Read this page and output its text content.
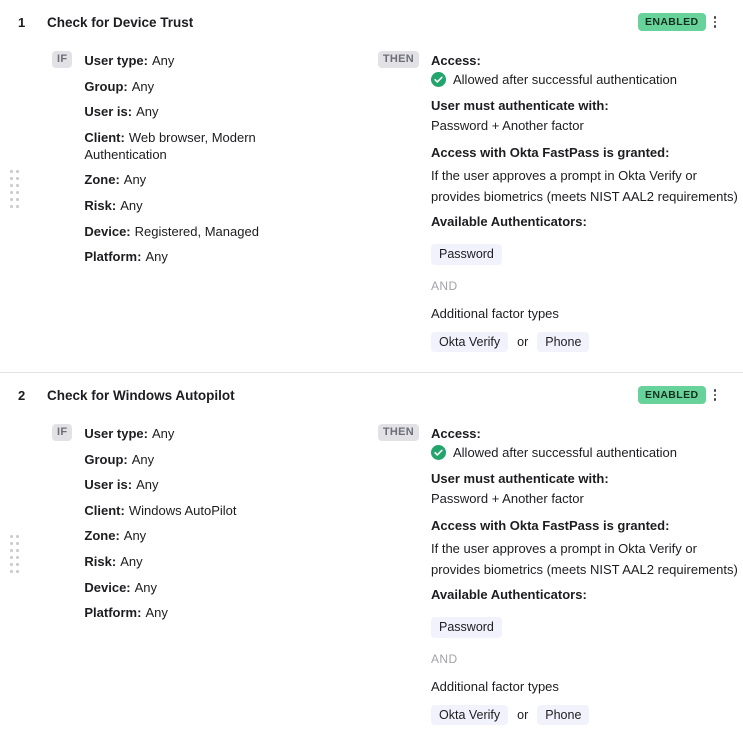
1	Check for Device Trust	ENABLED
IF	User type: Any
Group: Any
User is: Any
Client: Web browser, Modern Authentication
Zone: Any
Risk: Any
Device: Registered, Managed
Platform: Any
THEN	Access:
Allowed after successful authentication
User must authenticate with:
Password + Another factor
Access with Okta FastPass is granted:
If the user approves a prompt in Okta Verify or provides biometrics (meets NIST AAL2 requirements)
Available Authenticators:
Password
AND
Additional factor types
Okta Verify	or	Phone
2	Check for Windows Autopilot	ENABLED
IF	User type: Any
Group: Any
User is: Any
Client: Windows AutoPilot
Zone: Any
Risk: Any
Device: Any
Platform: Any
THEN	Access:
Allowed after successful authentication
User must authenticate with:
Password + Another factor
Access with Okta FastPass is granted:
If the user approves a prompt in Okta Verify or provides biometrics (meets NIST AAL2 requirements)
Available Authenticators:
Password
AND
Additional factor types
Okta Verify	or	Phone
